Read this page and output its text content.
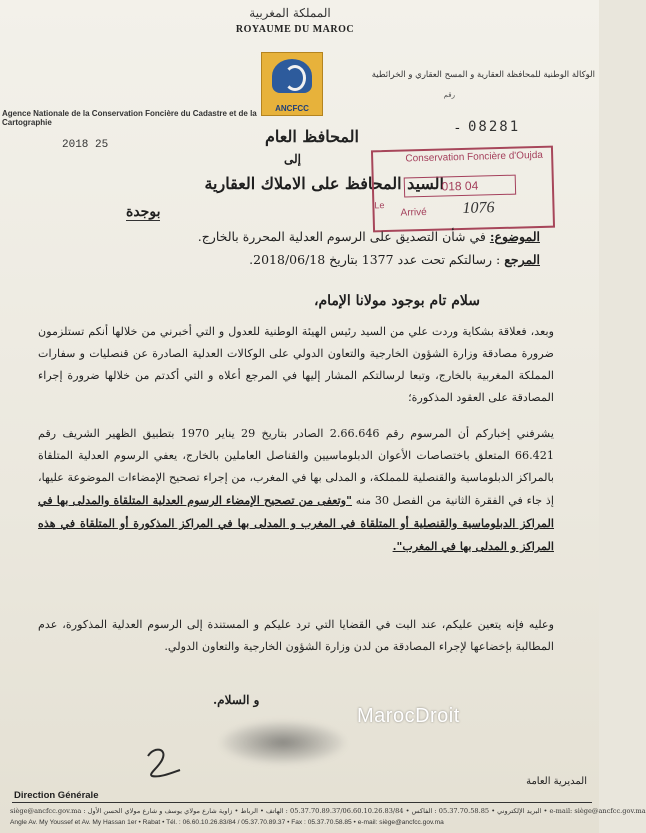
المملكة المغربية
ROYAUME DU MAROC
ANCFCC
الوكالة الوطنية للمحافظة العقارية و المسح العقاري و الخرائطية
رقم
Agence Nationale de la Conservation Foncière du Cadastre et de la Cartographie	- 08281
2018 25	المحافظ العام
إلى
السيد المحافظ على الاملاك العقارية
بوجدة
Conservation Foncière d'Oujda
Le
018 04
Arrivé 1076
الموضوع: في شأن التصديق على الرسوم العدلية المحررة بالخارج.
المرجع : رسالتكم تحت عدد 1377 بتاريخ 2018/06/18.
سلام تام بوجود مولانا الإمام،
وبعد، فعلاقة بشكاية وردت علي من السيد رئيس الهيئة الوطنية للعدول و التي أخبرني من خلالها أنكم تستلزمون ضرورة مصادقة وزارة الشؤون الخارجية والتعاون الدولي على الوكالات العدلية الصادرة عن قنصليات و سفارات المملكة المغربية بالخارج، وتبعا لرسالتكم المشار إليها في المرجع أعلاه و التي أكدتم من خلالها ضرورة إجراء المصادقة على العقود المذكورة؛
يشرفني إخباركم أن المرسوم رقم 2.66.646 الصادر بتاريخ 29 يناير 1970 بتطبيق الظهير الشريف رقم 66.421 المتعلق باختصاصات الأعوان الدبلوماسيين والقناصل العاملين بالخارج، يعفي الرسوم العدلية المتلقاة بالمراكز الدبلوماسية والقنصلية للمملكة، و المدلى بها في المغرب، من إجراء تصحيح الإمضاءات الموضوعة عليها، إذ جاء في الفقرة الثانية من الفصل 30 منه "وتعفى من تصحيح الإمضاء الرسوم العدلية المتلقاة والمدلى بها في المراكز الدبلوماسية والقنصلية أو المتلقاة في المغرب و المدلى بها في المراكز المذكورة أو المتلقاة في هذه المراكز و المدلى بها في المغرب".
وعليه فإنه يتعين عليكم، عند البت في القضايا التي ترد عليكم و المستندة إلى الرسوم العدلية المذكورة، عدم المطالبة بإخضاعها لإجراء المصادقة من لدن وزارة الشؤون الخارجية والتعاون الدولي.
و السلام.
MarocDroit
المديرية العامة
Direction Générale
siège@ancfcc.gov.ma : البريد الإلكتروني • 05.37.70.58.85 : الفاكس • 05.37.70.89.37/06.60.10.26.83/84 : الهاتف • الرباط • زاوية شارع مولاي يوسف و شارع مولاي الحسن الأول • e-mail: siège@ancfcc.gov.ma
Angle Av. My Youssef et Av. My Hassan 1er • Rabat • Tél. : 06.60.10.26.83/84 / 05.37.70.89.37 • Fax : 05.37.70.58.85 • e-mail: siège@ancfcc.gov.ma
